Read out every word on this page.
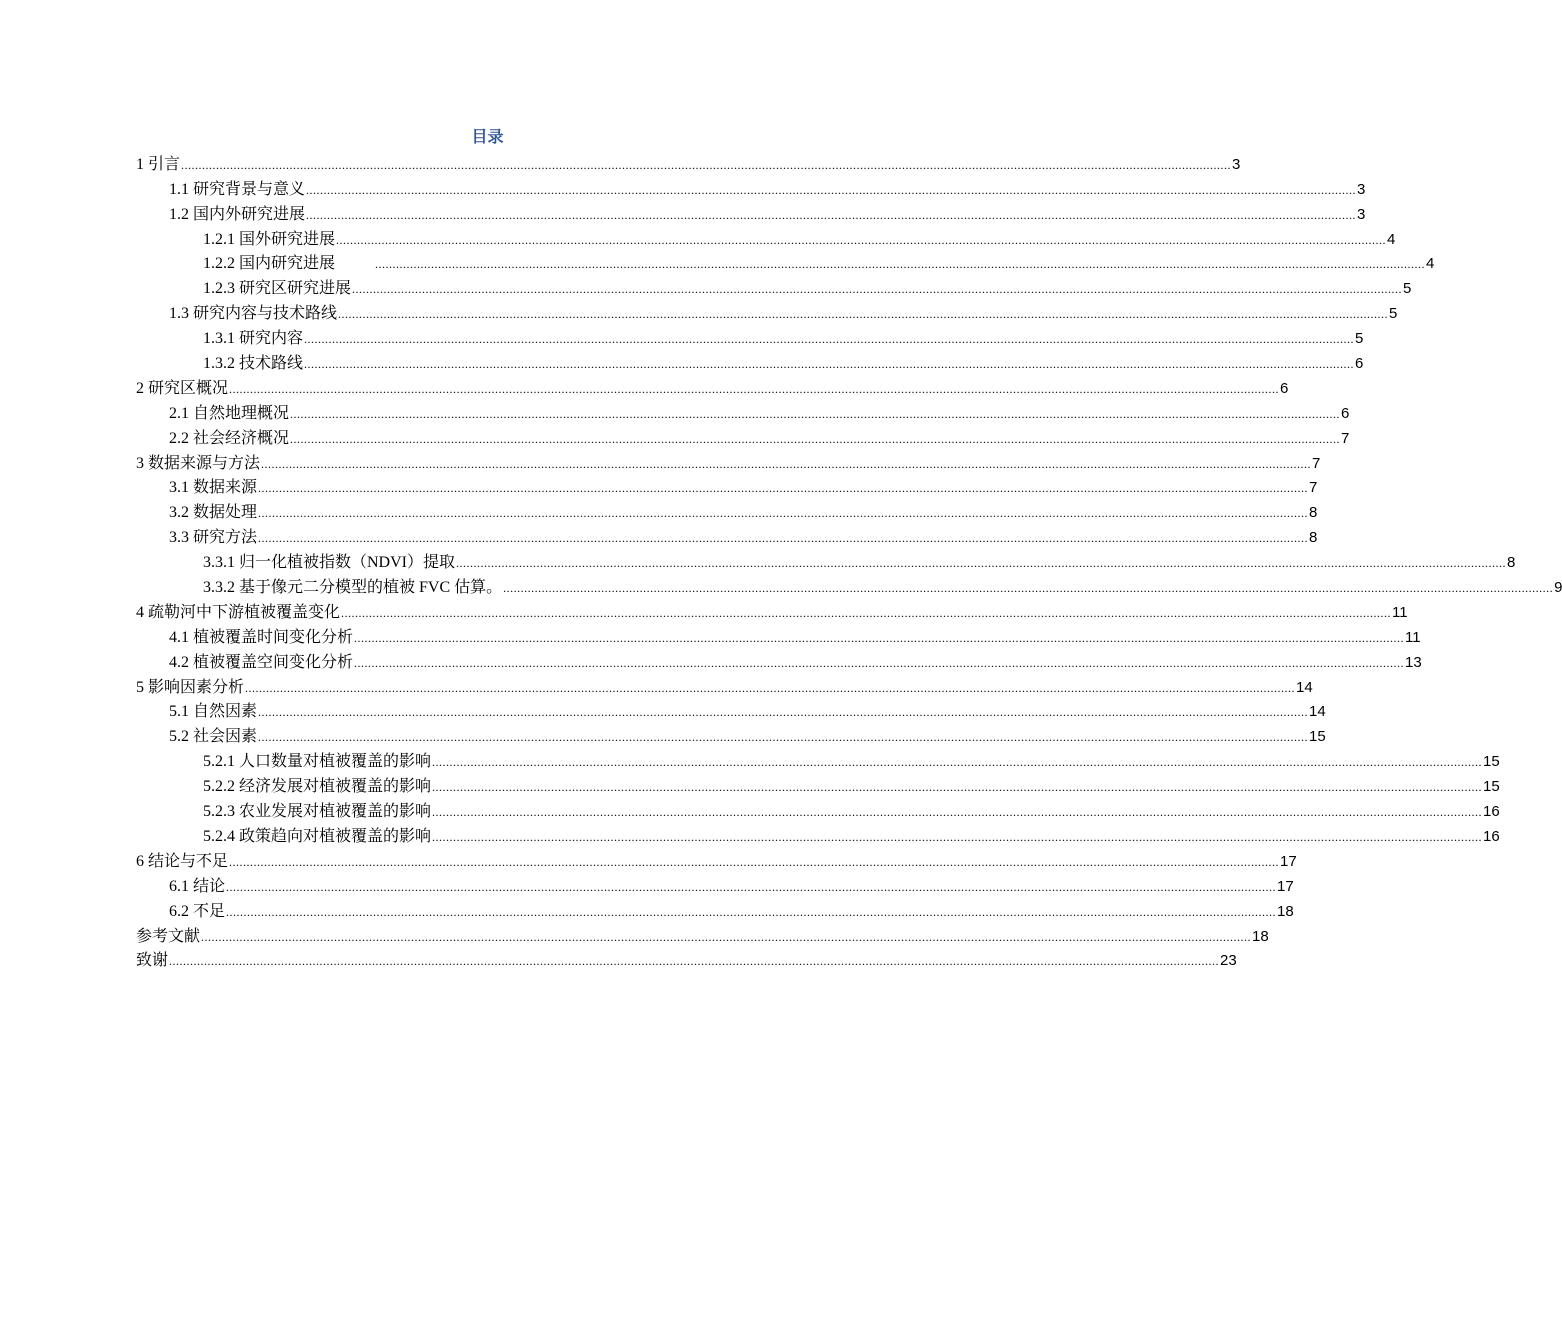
目录
1 引言 ............................................................................................................................................................................................................................................................................................................ 3
1.1 研究背景与意义 ............................................................................................................................................................................................................................................................................................................ 3
1.2 国内外研究进展 ............................................................................................................................................................................................................................................................................................................ 3
1.2.1 国外研究进展 ............................................................................................................................................................................................................................................................................................................ 4
1.2.2 国内研究进展	............................................................................................................................................................................................................................................................................................................ 4
1.2.3 研究区研究进展 ............................................................................................................................................................................................................................................................................................................ 5
1.3 研究内容与技术路线 ............................................................................................................................................................................................................................................................................................................ 5
1.3.1 研究内容 ............................................................................................................................................................................................................................................................................................................ 5
1.3.2 技术路线 ............................................................................................................................................................................................................................................................................................................ 6
2 研究区概况 ............................................................................................................................................................................................................................................................................................................ 6
2.1 自然地理概况 ............................................................................................................................................................................................................................................................................................................ 6
2.2 社会经济概况 ............................................................................................................................................................................................................................................................................................................ 7
3 数据来源与方法 ............................................................................................................................................................................................................................................................................................................ 7
3.1 数据来源 ............................................................................................................................................................................................................................................................................................................ 7
3.2 数据处理 ............................................................................................................................................................................................................................................................................................................ 8
3.3 研究方法 ............................................................................................................................................................................................................................................................................................................ 8
3.3.1 归一化植被指数（NDVI）提取 ............................................................................................................................................................................................................................................................................................................ 8
3.3.2 基于像元二分模型的植被 FVC 估算。 ............................................................................................................................................................................................................................................................................................................ 9
4 疏勒河中下游植被覆盖变化 ............................................................................................................................................................................................................................................................................................................ 11
4.1 植被覆盖时间变化分析 ............................................................................................................................................................................................................................................................................................................ 11
4.2 植被覆盖空间变化分析 ............................................................................................................................................................................................................................................................................................................ 13
5 影响因素分析 ............................................................................................................................................................................................................................................................................................................ 14
5.1 自然因素 ............................................................................................................................................................................................................................................................................................................ 14
5.2 社会因素 ............................................................................................................................................................................................................................................................................................................ 15
5.2.1 人口数量对植被覆盖的影响 ............................................................................................................................................................................................................................................................................................................ 15
5.2.2 经济发展对植被覆盖的影响 ............................................................................................................................................................................................................................................................................................................ 15
5.2.3 农业发展对植被覆盖的影响 ............................................................................................................................................................................................................................................................................................................ 16
5.2.4 政策趋向对植被覆盖的影响 ............................................................................................................................................................................................................................................................................................................ 16
6 结论与不足 ............................................................................................................................................................................................................................................................................................................ 17
6.1 结论 ............................................................................................................................................................................................................................................................................................................ 17
6.2 不足 ............................................................................................................................................................................................................................................................................................................ 18
参考文献 ............................................................................................................................................................................................................................................................................................................ 18
致谢 ............................................................................................................................................................................................................................................................................................................ 23
